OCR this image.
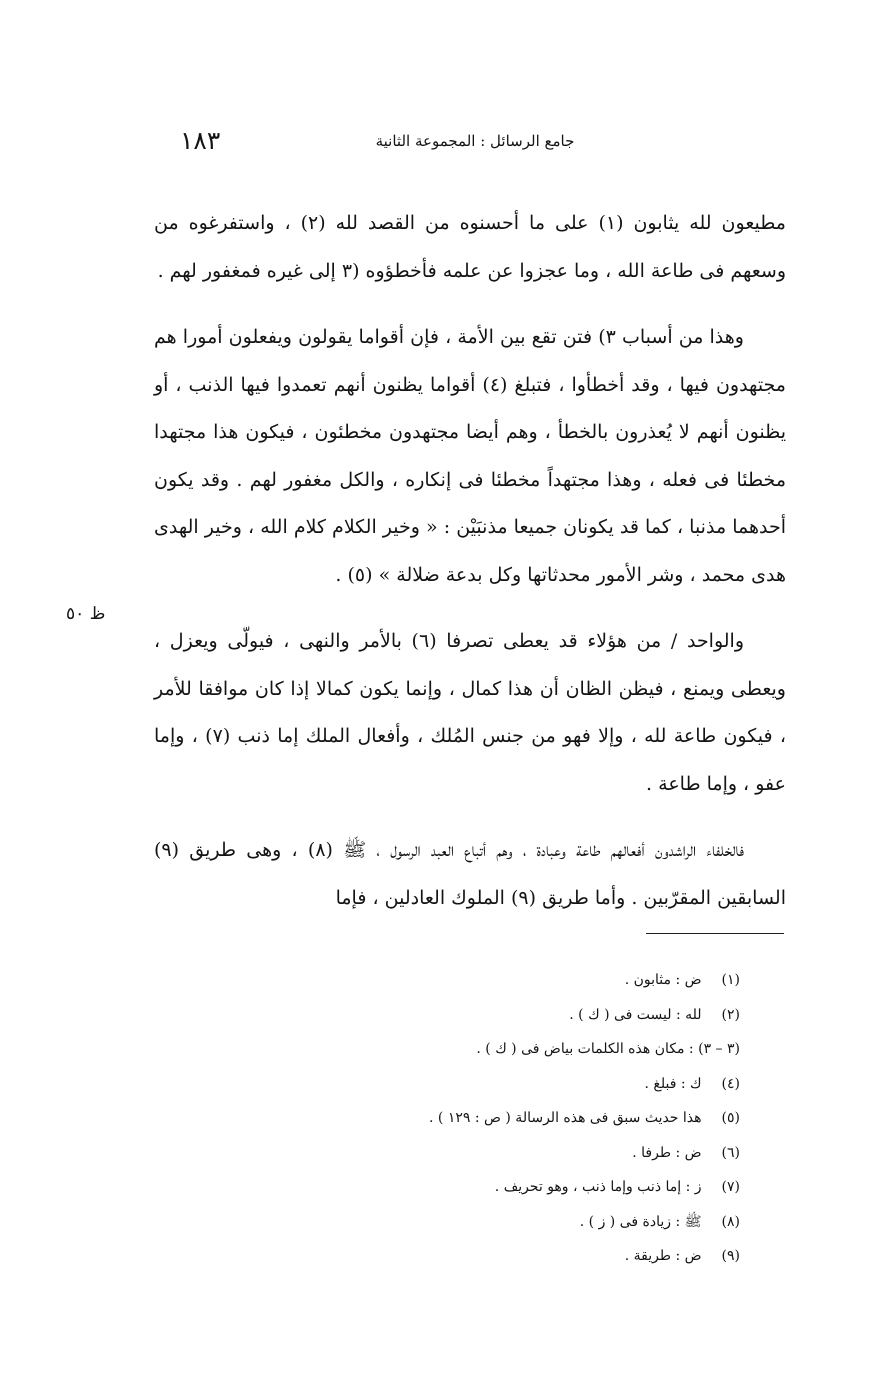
١٨٣	جامع الرسائل : المجموعة الثانية
ظ ٥٠

مطيعون لله يثابون (١) على ما أحسنوه من القصد لله (٢) ، واستفرغوه من وسعهم فى طاعة الله ، وما عجزوا عن علمه فأخطؤوه (٣ إلى غيره فمغفور لهم .

وهذا من أسباب ٣) فتن تقع بين الأمة ، فإن أقواما يقولون ويفعلون أمورا هم مجتهدون فيها ، وقد أخطأوا ، فتبلغ (٤) أقواما يظنون أنهم تعمدوا فيها الذنب ، أو يظنون أنهم لا يُعذرون بالخطأ ، وهم أيضا مجتهدون مخطئون ، فيكون هذا مجتهدا مخطئا فى فعله ، وهذا مجتهداً مخطئا فى إنكاره ، والكل مغفور لهم . وقد يكون أحدهما مذنبا ، كما قد يكونان جميعا مذنبَيْن : « وخير الكلام كلام الله ، وخير الهدى هدى محمد ، وشر الأمور محدثاتها وكل بدعة ضلالة » (٥) .

والواحد / من هؤلاء قد يعطى تصرفا (٦) بالأمر والنهى ، فيولّى ويعزل ، ويعطى ويمنع ، فيظن الظان أن هذا كمال ، وإنما يكون كمالا إذا كان موافقا للأمر ، فيكون طاعة لله ، وإلا فهو من جنس المُلك ، وأفعال الملك إما ذنب (٧) ، وإما عفو ، وإما طاعة .

فالخلفاء الراشدون أفعالهم طاعة وعبادة ، وهم أتباع العبد الرسول ، ﷺ (٨) ، وهى طريق (٩) السابقين المقرّبين . وأما طريق (٩) الملوك العادلين ، فإما

(١) ض : مثابون .
(٢) لله : ليست فى ( ك ) .
(٣ – ٣) : مكان هذه الكلمات بياض فى ( ك ) .
(٤) ك : فبلغ .
(٥) هذا حديث سبق فى هذه الرسالة ( ص : ١٢٩ ) .
(٦) ض : طرفا .
(٧) ز : إما ذنب وإما ذنب ، وهو تحريف .
(٨) ﷺ : زيادة فى ( ز ) .
(٩) ض : طريقة .
